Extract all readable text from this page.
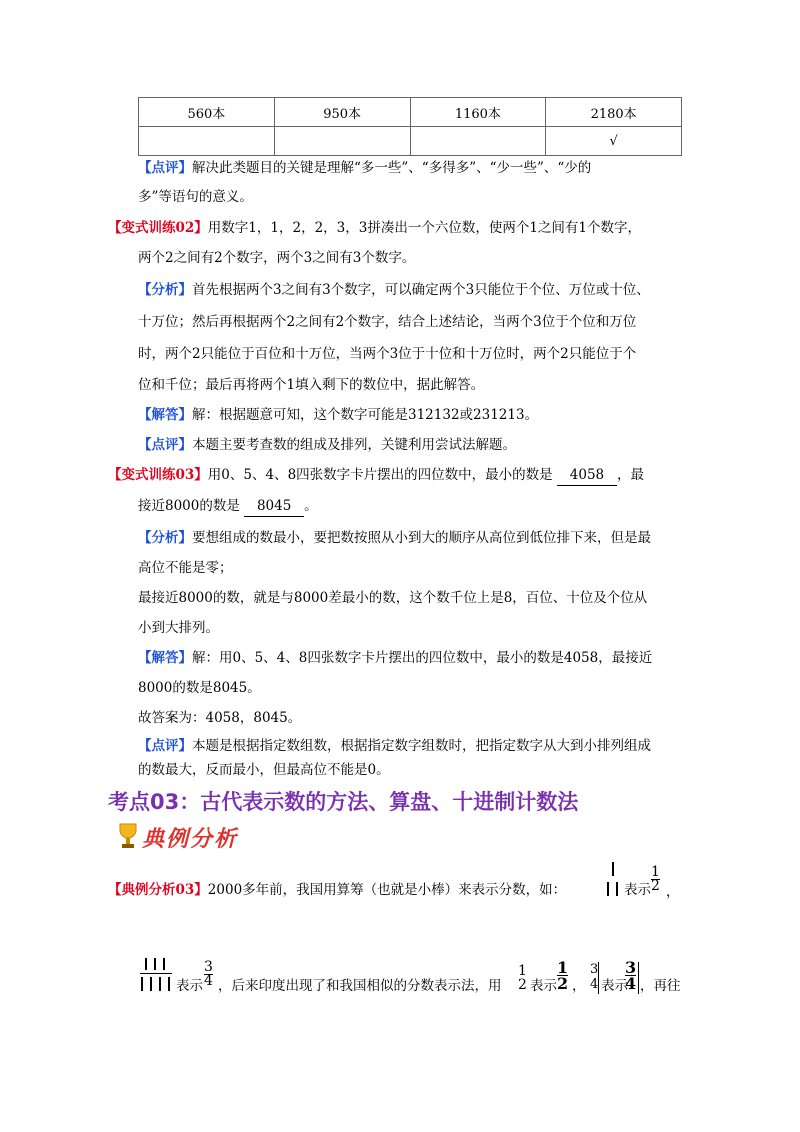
560本	950本	1160本	2180本
			√
【点评】解决此类题目的关键是理解“多一些”、“多得多”、“少一些”、“少的
多”等语句的意义。
【变式训练02】用数字1，1，2，2，3，3拼凑出一个六位数，使两个1之间有1个数字，
两个2之间有2个数字，两个3之间有3个数字。
【分析】首先根据两个3之间有3个数字，可以确定两个3只能位于个位、万位或十位、
十万位；然后再根据两个2之间有2个数字，结合上述结论，当两个3位于个位和万位
时，两个2只能位于百位和十万位，当两个3位于十位和十万位时，两个2只能位于个
位和千位；最后再将两个1填入剩下的数位中，据此解答。
【解答】解：根据题意可知，这个数字可能是312132或231213。
【点评】本题主要考查数的组成及排列，关键利用尝试法解题。
【变式训练03】用0、5、4、8四张数字卡片摆出的四位数中，最小的数是 4058 ，最
接近8000的数是 8045 。
【分析】要想组成的数最小，要把数按照从小到大的顺序从高位到低位排下来，但是最
高位不能是零；
最接近8000的数，就是与8000差最小的数，这个数千位上是8，百位、十位及个位从
小到大排列。
【解答】解：用0、5、4、8四张数字卡片摆出的四位数中，最小的数是4058，最接近
8000的数是8045。
故答案为：4058，8045。
【点评】本题是根据指定数组数，根据指定数字组数时，把指定数字从大到小排列组成
的数最大，反而最小，但最高位不能是0。
考点03：古代表示数的方法、算盘、十进制计数法
典例分析
【典例分析03】2000多年前，我国用算筹（也就是小棒）来表示分数，如：	表示 $\frac{1}{2}$ ，
表示 $\frac{3}{4}$ ，后来印度出现了和我国相似的分数表示法，用
1
2 表示 $\frac{1}{2}$ ，
3
4 表示
$\frac{3}{4}$ ，再往
